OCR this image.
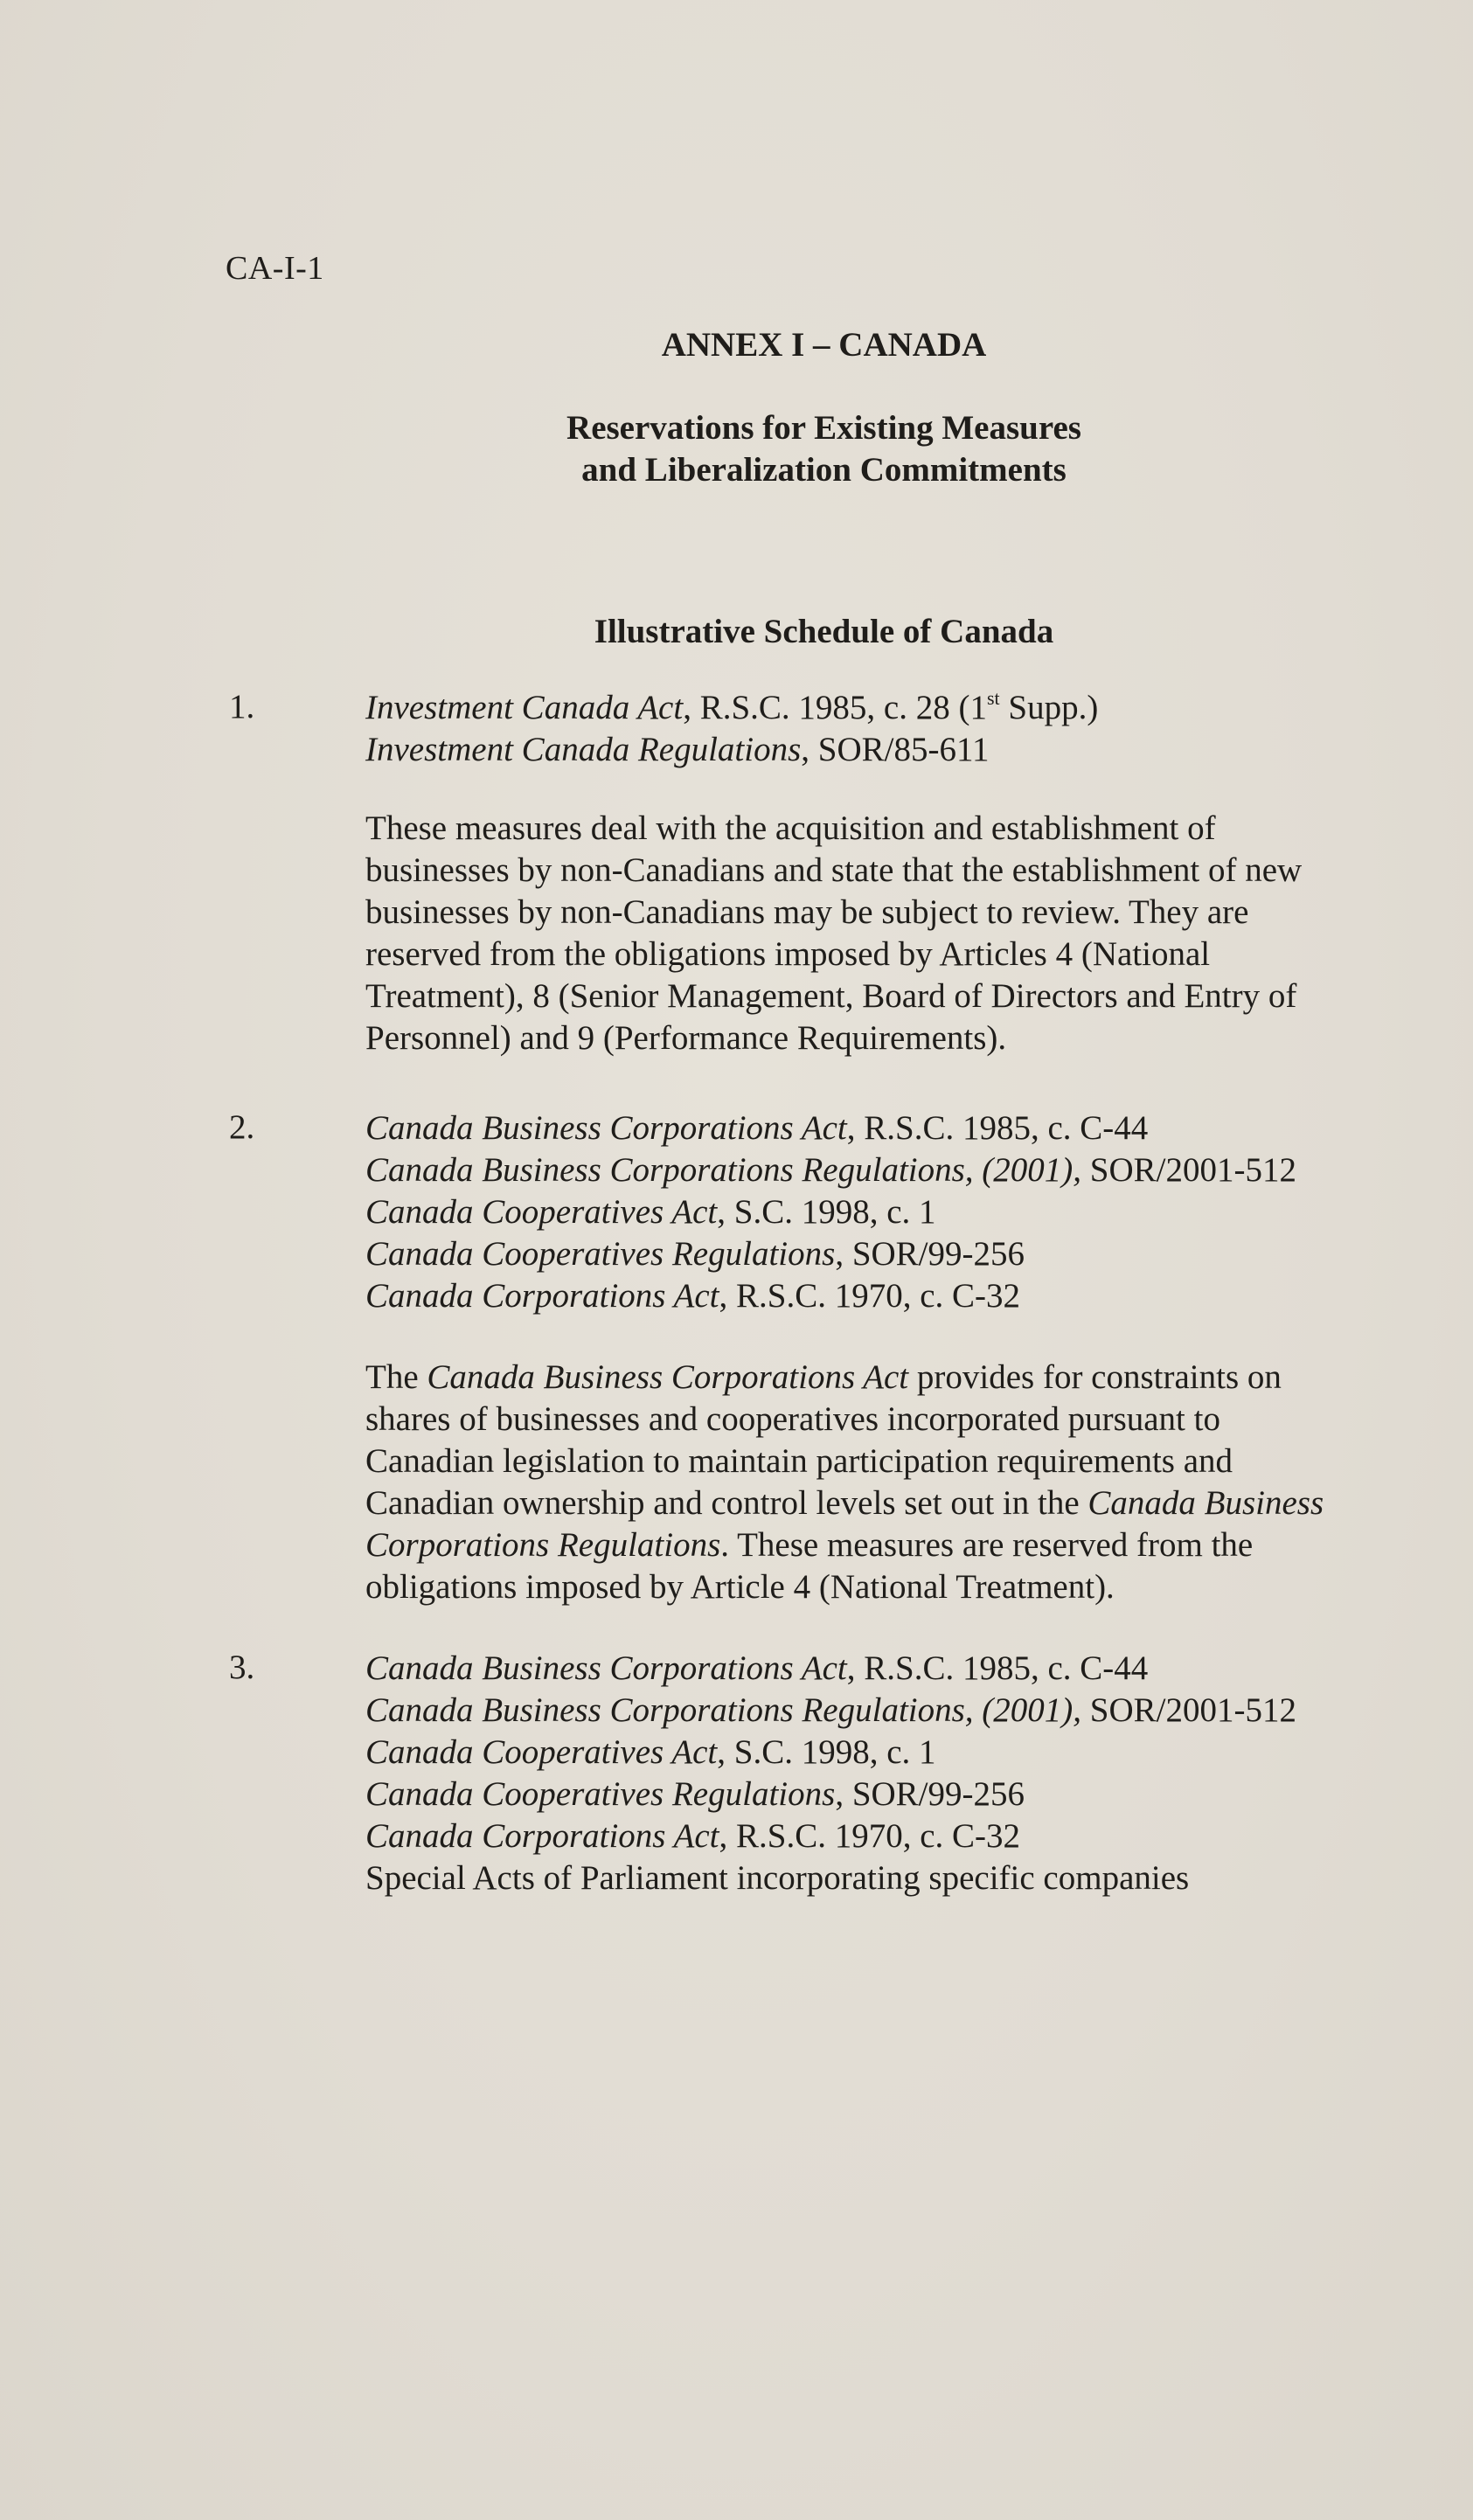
CA-I-1
ANNEX I – CANADA
Reservations for Existing Measures
and Liberalization Commitments
Illustrative Schedule of Canada
1.	Investment Canada Act, R.S.C. 1985, c. 28 (1st Supp.)
Investment Canada Regulations, SOR/85-611
These measures deal with the acquisition and establishment of
businesses by non-Canadians and state that the establishment of new
businesses by non-Canadians may be subject to review. They are
reserved from the obligations imposed by Articles 4 (National
Treatment), 8 (Senior Management, Board of Directors and Entry of
Personnel) and 9 (Performance Requirements).
2.	Canada Business Corporations Act, R.S.C. 1985, c. C-44
Canada Business Corporations Regulations, (2001), SOR/2001-512
Canada Cooperatives Act, S.C. 1998, c. 1
Canada Cooperatives Regulations, SOR/99-256
Canada Corporations Act, R.S.C. 1970, c. C-32
The Canada Business Corporations Act provides for constraints on
shares of businesses and cooperatives incorporated pursuant to
Canadian legislation to maintain participation requirements and
Canadian ownership and control levels set out in the Canada Business
Corporations Regulations. These measures are reserved from the
obligations imposed by Article 4 (National Treatment).
3.	Canada Business Corporations Act, R.S.C. 1985, c. C-44
Canada Business Corporations Regulations, (2001), SOR/2001-512
Canada Cooperatives Act, S.C. 1998, c. 1
Canada Cooperatives Regulations, SOR/99-256
Canada Corporations Act, R.S.C. 1970, c. C-32
Special Acts of Parliament incorporating specific companies
